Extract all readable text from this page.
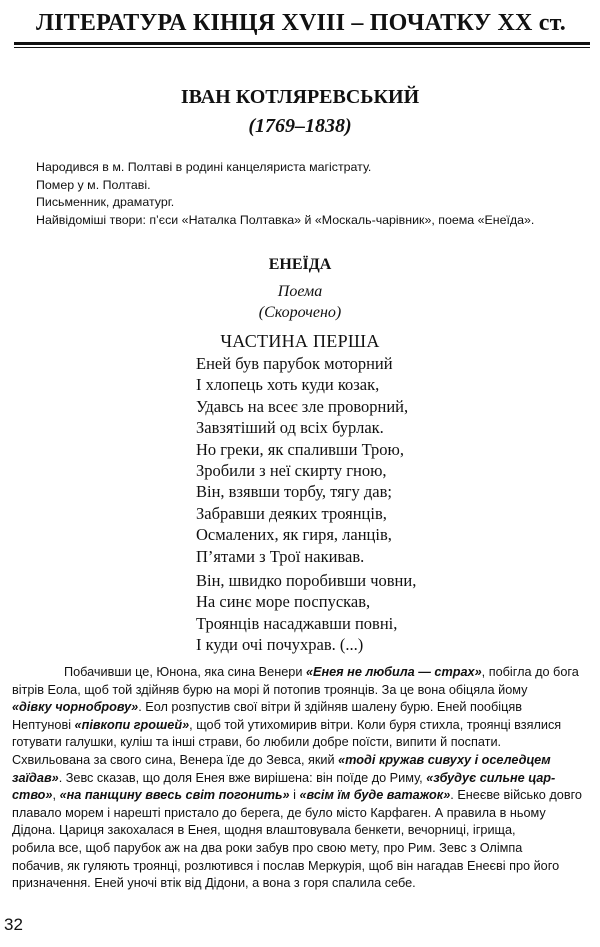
ЛІТЕРАТУРА КІНЦЯ XVIII – ПОЧАТКУ XX ст.
ІВАН КОТЛЯРЕВСЬКИЙ
(1769–1838)
Народився в м. Полтаві в родині канцеляриста магістрату.
Помер у м. Полтаві.
Письменник, драматург.
Найвідоміші твори: п’єси «Наталка Полтавка» й «Москаль-чарівник», поема «Енеїда».
ЕНЕЇДА
Поема
(Скорочено)
ЧАСТИНА ПЕРША
Еней був парубок моторний
І хлопець хоть куди козак,
Удавсь на всеє зле проворний,
Завзятіший од всіх бурлак.
Но греки, як спаливши Трою,
Зробили з неї скирту гною,
Він, взявши торбу, тягу дав;
Забравши деяких троянців,
Осмалених, як гиря, ланців,
П’ятами з Трої накивав.
Він, швидко поробивши човни,
На синє море поспускав,
Троянців насаджавши повні,
І куди очі почухрав. (...)
Побачивши це, Юнона, яка сина Венери «Енея не любила — страх», побігла до бога
вітрів Еола, щоб той здійняв бурю на морі й потопив троянців. За це вона обіцяла йому
«дівку чорноброву». Еол розпустив свої вітри й здійняв шалену бурю. Еней пообіцяв
Нептунові «півкопи грошей», щоб той утихомирив вітри. Коли буря стихла, троянці взялися
готувати галушки, куліш та інші страви, бо любили добре поїсти, випити й поспати.
Схвильована за свого сина, Венера їде до Зевса, який «тоді кружав сивуху і оселедцем
заїдав». Зевс сказав, що доля Енея вже вирішена: він поїде до Риму, «збудує сильне цар-
ство», «на панщину ввесь світ погонить» і «всім їм буде ватажок». Енеєве військо довго
плавало морем і нарешті пристало до берега, де було місто Карфаген. А правила в ньому
Дідона. Цариця закохалася в Енея, щодня влаштовувала бенкети, вечорниці, ігрища,
робила все, щоб парубок аж на два роки забув про свою мету, про Рим. Зевс з Олімпа
побачив, як гуляють троянці, розлютився і послав Меркурія, щоб він нагадав Енеєві про його
призначення. Еней уночі втік від Дідони, а вона з горя спалила себе.
32
